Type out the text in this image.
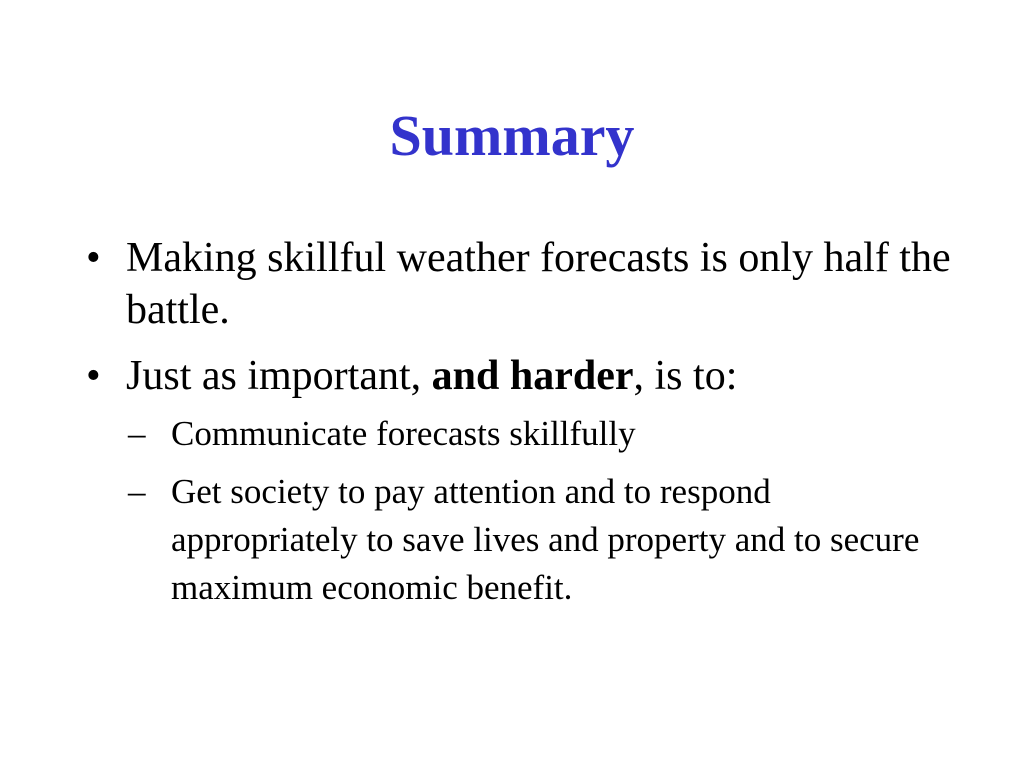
Summary
• Making skillful weather forecasts is only half the battle.
• Just as important, and harder, is to:
– Communicate forecasts skillfully
– Get society to pay attention and to respond appropriately to save lives and property and to secure maximum economic benefit.
